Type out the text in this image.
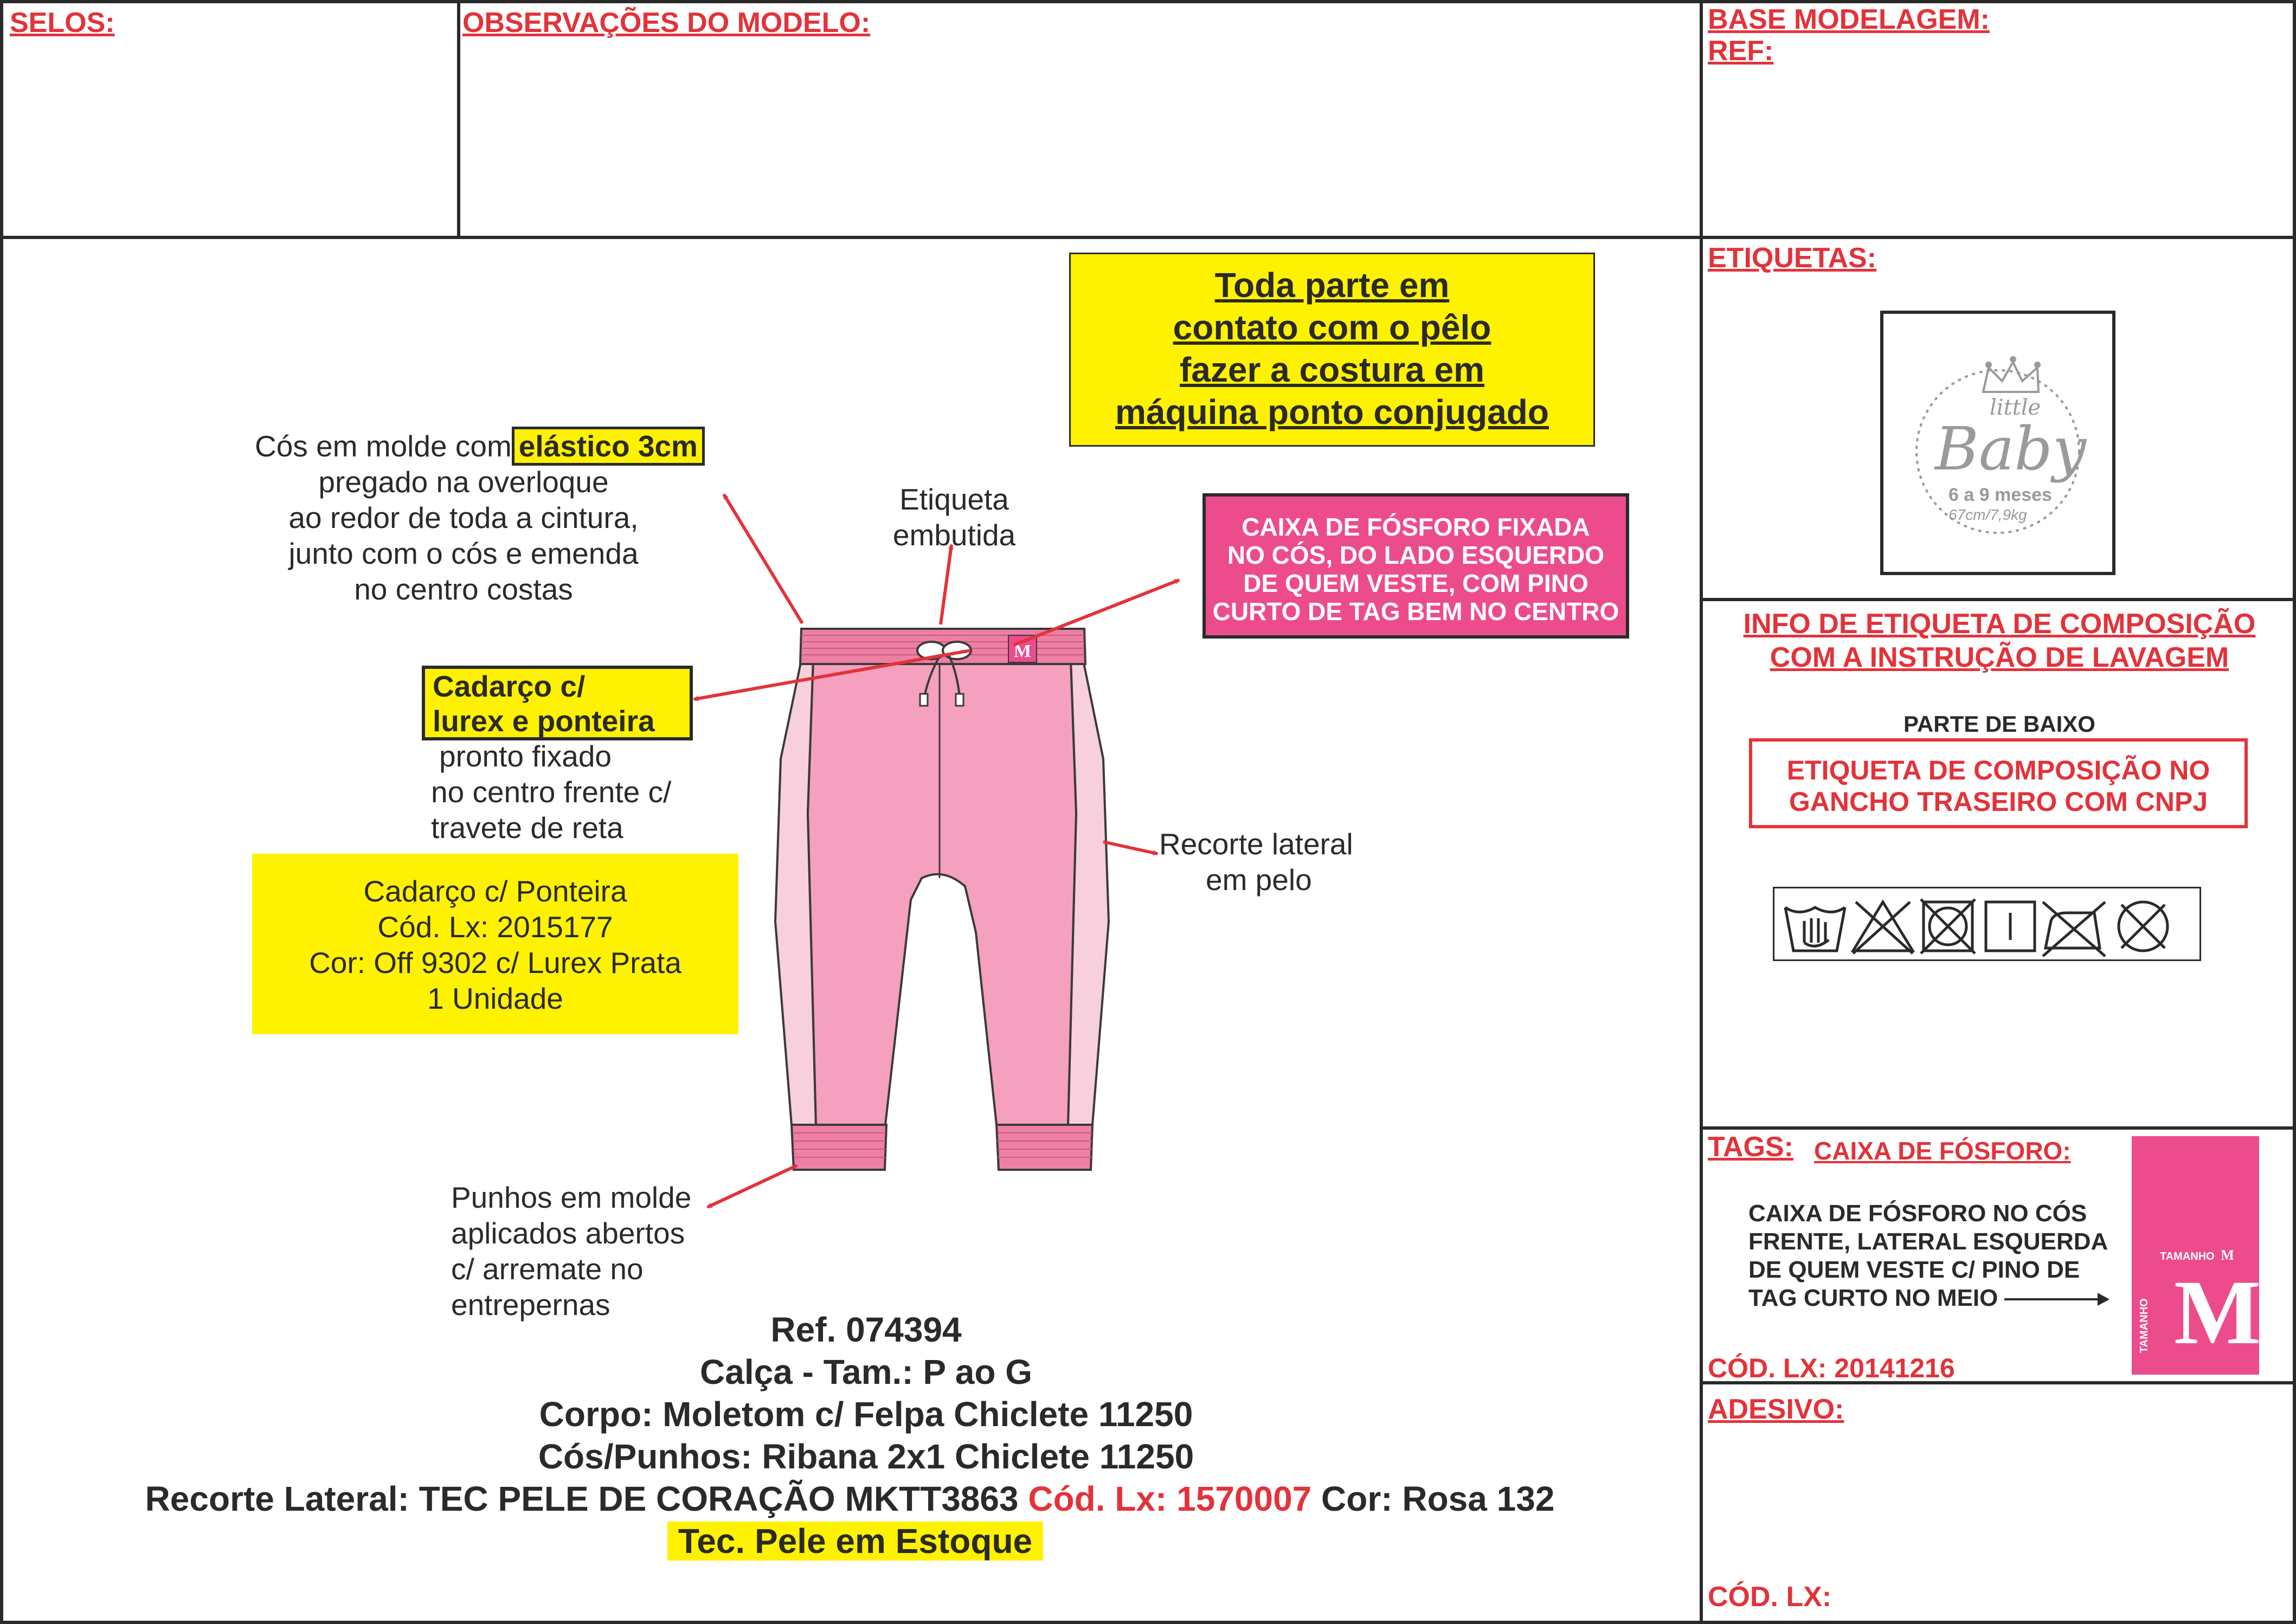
SELOS:	OBSERVAÇÕES DO MODELO:	BASE MODELAGEM:
REF:
ETIQUETAS:
M
Toda parte em
contato com o pêlo
fazer a costura em
máquina ponto conjugado
Cós em molde com elástico 3cm
pregado na overloque
ao redor de toda a cintura,
junto com o cós e emenda
no centro costas
Etiqueta
embutida	CAIXA DE FÓSFORO FIXADA
NO CÓS, DO LADO ESQUERDO
DE QUEM VESTE, COM PINO
CURTO DE TAG BEM NO CENTRO
Cadarço c/
lurex e ponteira
pronto fixado
no centro frente c/
travete de reta
Cadarço c/ Ponteira
Cód. Lx: 2015177
Cor: Off 9302 c/ Lurex Prata
1 Unidade
Recorte lateral
em pelo
Punhos em molde
aplicados abertos
c/ arremate no
entrepernas
Ref. 074394
Calça - Tam.: P ao G
Corpo: Moletom c/ Felpa Chiclete 11250
Cós/Punhos: Ribana 2x1 Chiclete 11250
Recorte Lateral: TEC PELE DE CORAÇÃO MKTT3863 Cód. Lx: 1570007 Cor: Rosa 132
Tec. Pele em Estoque
little
Baby
6 a 9 meses
67cm/7,9kg
INFO DE ETIQUETA DE COMPOSIÇÃO
COM A INSTRUÇÃO DE LAVAGEM
PARTE DE BAIXO
ETIQUETA DE COMPOSIÇÃO NO
GANCHO TRASEIRO COM CNPJ
TAGS: CAIXA DE FÓSFORO:
CAIXA DE FÓSFORO NO CÓS
FRENTE, LATERAL ESQUERDA
DE QUEM VESTE C/ PINO DE
TAG CURTO NO MEIO
TAMANHO M
M
TAMANHO
CÓD. LX: 20141216
ADESIVO:
CÓD. LX:
